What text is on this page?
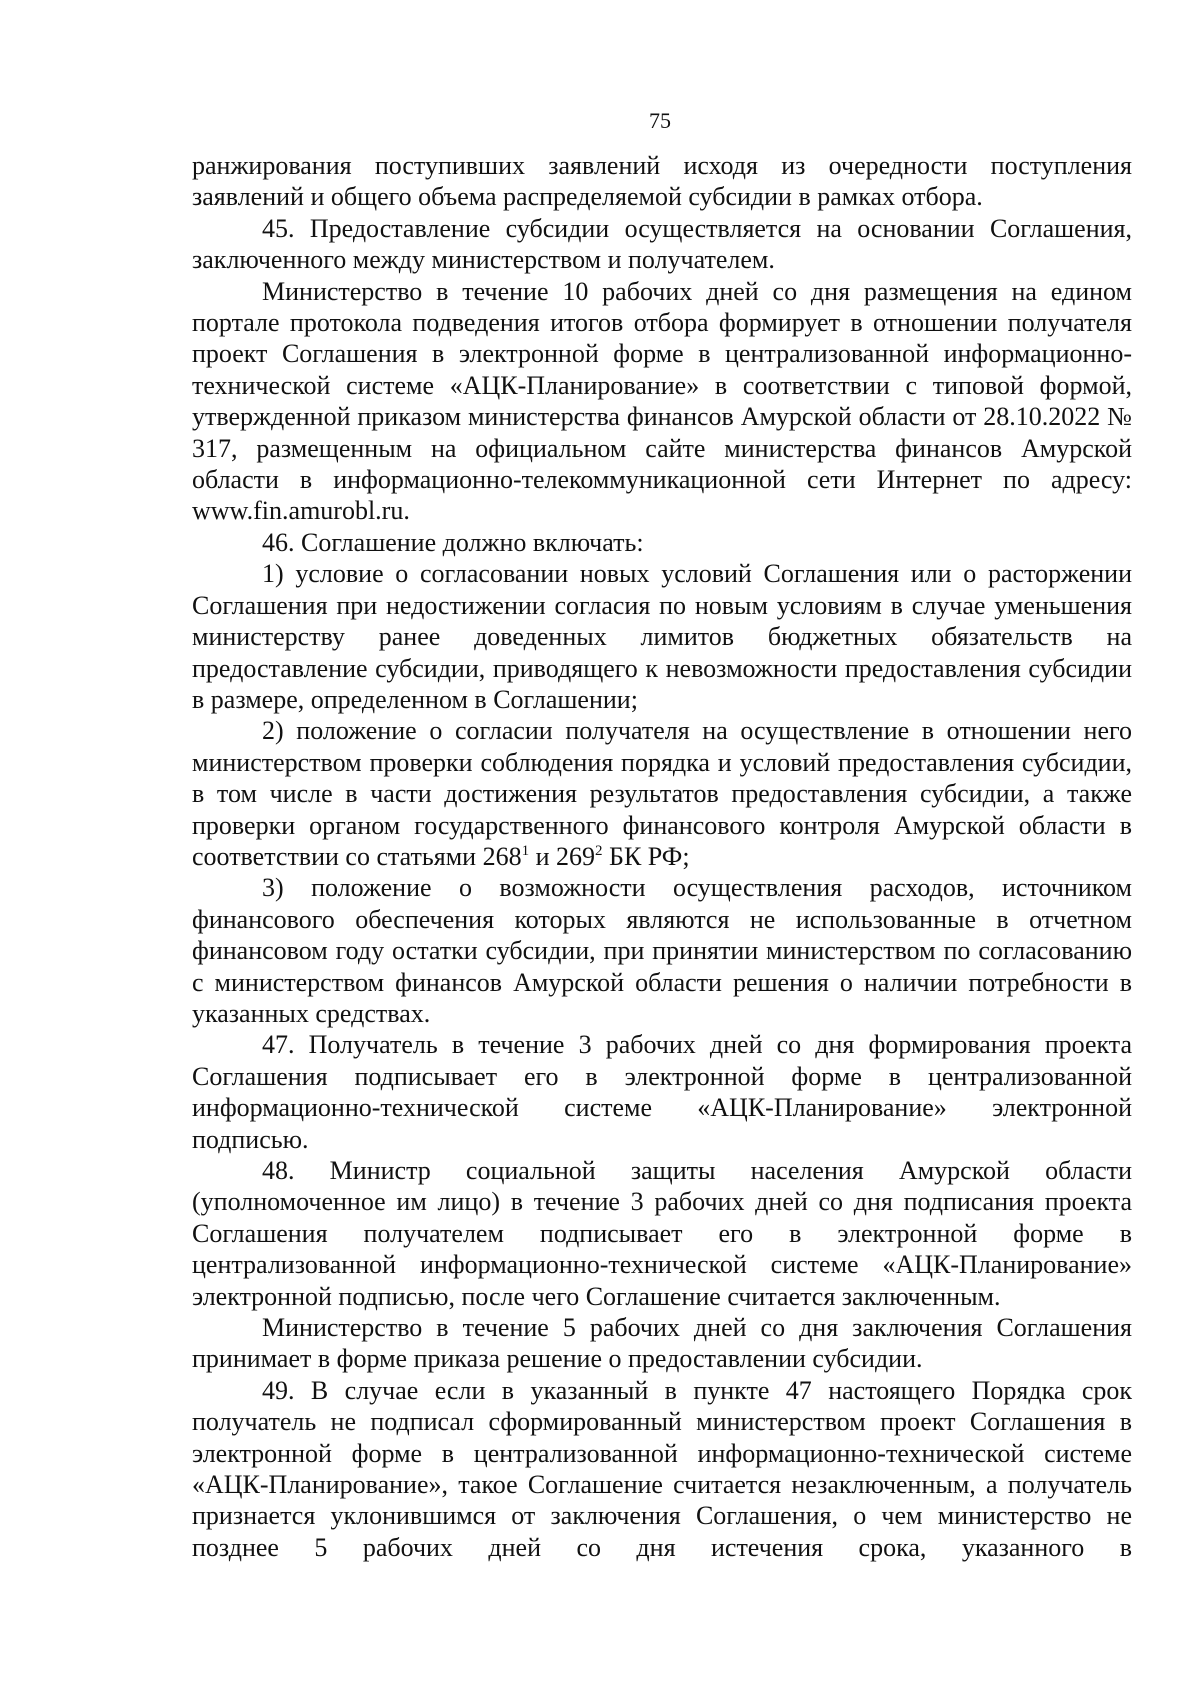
75

ранжирования поступивших заявлений исходя из очередности поступления заявлений и общего объема распределяемой субсидии в рамках отбора.

45. Предоставление субсидии осуществляется на основании Соглашения, заключенного между министерством и получателем.

Министерство в течение 10 рабочих дней со дня размещения на едином портале протокола подведения итогов отбора формирует в отношении получателя проект Соглашения в электронной форме в централизованной информационно-технической системе «АЦК-Планирование» в соответствии с типовой формой, утвержденной приказом министерства финансов Амурской области от 28.10.2022 № 317, размещенным на официальном сайте министерства финансов Амурской области в информационно-телекоммуникационной сети Интернет по адресу: www.fin.amurobl.ru.

46. Соглашение должно включать:

1) условие о согласовании новых условий Соглашения или о расторжении Соглашения при недостижении согласия по новым условиям в случае уменьшения министерству ранее доведенных лимитов бюджетных обязательств на предоставление субсидии, приводящего к невозможности предоставления субсидии в размере, определенном в Соглашении;

2) положение о согласии получателя на осуществление в отношении него министерством проверки соблюдения порядка и условий предоставления субсидии, в том числе в части достижения результатов предоставления субсидии, а также проверки органом государственного финансового контроля Амурской области в соответствии со статьями $268^1$ и $269^2$ БК РФ;

3) положение о возможности осуществления расходов, источником финансового обеспечения которых являются не использованные в отчетном финансовом году остатки субсидии, при принятии министерством по согласованию с министерством финансов Амурской области решения о наличии потребности в указанных средствах.

47. Получатель в течение 3 рабочих дней со дня формирования проекта Соглашения подписывает его в электронной форме в централизованной информационно-технической системе «АЦК-Планирование» электронной подписью.

48. Министр социальной защиты населения Амурской области (уполномоченное им лицо) в течение 3 рабочих дней со дня подписания проекта Соглашения получателем подписывает его в электронной форме в централизованной информационно-технической системе «АЦК-Планирование» электронной подписью, после чего Соглашение считается заключенным.

Министерство в течение 5 рабочих дней со дня заключения Соглашения принимает в форме приказа решение о предоставлении субсидии.

49. В случае если в указанный в пункте 47 настоящего Порядка срок получатель не подписал сформированный министерством проект Соглашения в электронной форме в централизованной информационно-технической системе «АЦК-Планирование», такое Соглашение считается незаключенным, а получатель признается уклонившимся от заключения Соглашения, о чем министерство не позднее 5 рабочих дней со дня истечения срока, указанного в
